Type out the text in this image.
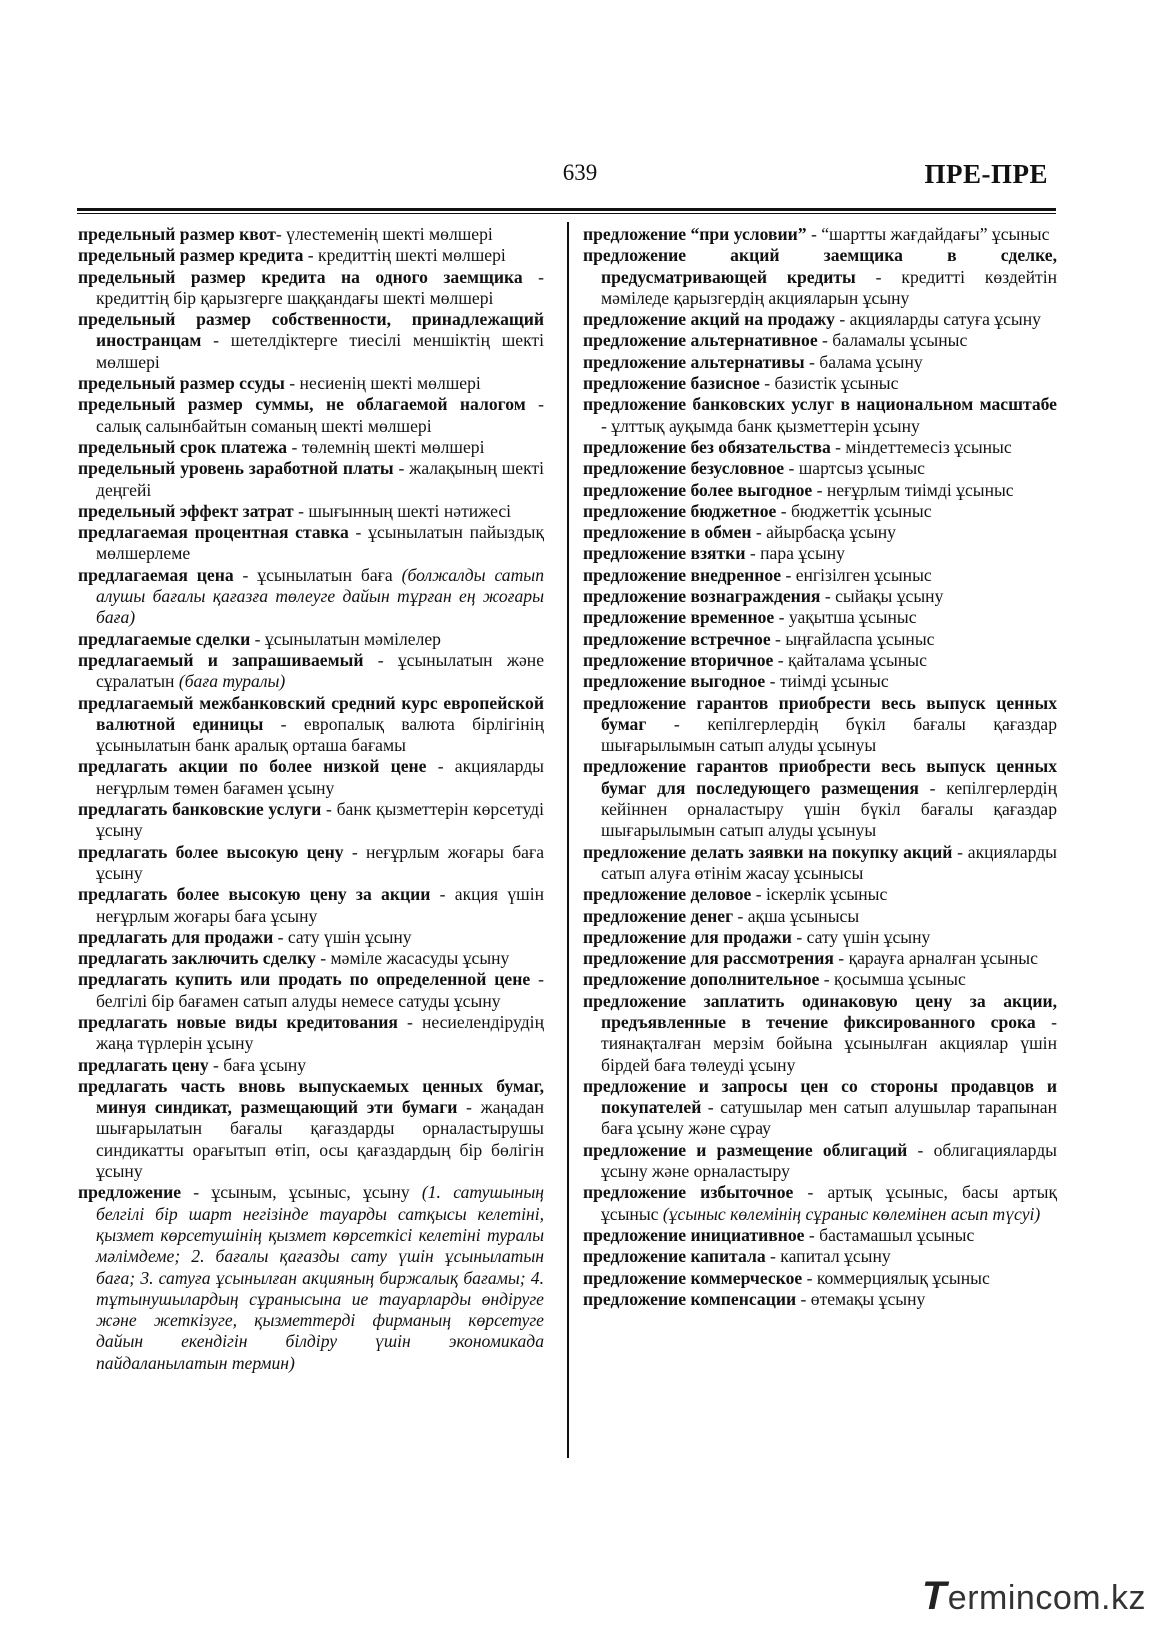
639	ПРЕ-ПРЕ

предельный размер квот- үлестеменің шекті мөлшері

предельный размер кредита - кредиттің шекті мөлшері

предельный размер кредита на одного заемщика - кредиттің бір қарызгерге шаққандағы шекті мөлшері

предельный размер собственности, принадлежащий иностранцам - шетелдіктерге тиесілі меншіктің шекті мөлшері

предельный размер ссуды - несиенің шекті мөлшері

предельный размер суммы, не облагаемой налогом - салық салынбайтын соманың шекті мөлшері

предельный срок платежа - төлемнің шекті мөлшері

предельный уровень заработной платы - жалақының шекті деңгейі

предельный эффект затрат - шығынның шекті нәтижесі

предлагаемая процентная ставка - ұсынылатын пайыздық мөлшерлеме

предлагаемая цена - ұсынылатын баға (болжалды сатып алушы бағалы қағазға төлеуге дайын тұрған ең жоғары баға)

предлагаемые сделки - ұсынылатын мәмілелер

предлагаемый и запрашиваемый - ұсынылатын және сұралатын (баға туралы)

предлагаемый межбанковский средний курс европейской валютной единицы - европалық валюта бірлігінің ұсынылатын банк аралық орташа бағамы

предлагать акции по более низкой цене - акцияларды неғұрлым төмен бағамен ұсыну

предлагать банковские услуги - банк қызметтерін көрсетуді ұсыну

предлагать более высокую цену - неғұрлым жоғары баға ұсыну

предлагать более высокую цену за акции - акция үшін неғұрлым жоғары баға ұсыну

предлагать для продажи - сату үшін ұсыну

предлагать заключить сделку - мәміле жасасуды ұсыну

предлагать купить или продать по определенной цене - белгілі бір бағамен сатып алуды немесе сатуды ұсыну

предлагать новые виды кредитования - несиелендірудің жаңа түрлерін ұсыну

предлагать цену - баға ұсыну

предлагать часть вновь выпускаемых ценных бумаг, минуя синдикат, размещающий эти бумаги - жаңадан шығарылатын бағалы қағаздарды орналастырушы синдикатты орағытып өтіп, осы қағаздардың бір бөлігін ұсыну

предложение - ұсыным, ұсыныс, ұсыну (1. сатушының белгілі бір шарт негізінде тауарды сатқысы келетіні, қызмет көрсетушінің қызмет көрсеткісі келетіні туралы мәлімдеме; 2. бағалы қағазды сату үшін ұсынылатын баға; 3. сатуға ұсынылған акцияның биржалық бағамы; 4. тұтынушылардың сұранысына ие тауарларды өндіруге және жеткізуге, қызметтерді фирманың көрсетуге дайын екендігін білдіру үшін экономикада пайдаланылатын термин)

предложение “при условии” - “шартты жағдайдағы” ұсыныс

предложение акций заемщика в сделке, предусматривающей кредиты - кредитті көздейтін мәміледе қарызгердің акцияларын ұсыну

предложение акций на продажу - акцияларды сатуға ұсыну

предложение альтернативное - баламалы ұсыныс

предложение альтернативы - балама ұсыну

предложение базисное - базистік ұсыныс

предложение банковских услуг в национальном масштабе - ұлттық ауқымда банк қызметтерін ұсыну

предложение без обязательства - міндеттемесіз ұсыныс

предложение безусловное - шартсыз ұсыныс

предложение более выгодное - неғұрлым тиімді ұсыныс

предложение бюджетное - бюджеттік ұсыныс

предложение в обмен - айырбасқа ұсыну

предложение взятки - пара ұсыну

предложение внедренное - енгізілген ұсыныс

предложение вознаграждения - сыйақы ұсыну

предложение временное - уақытша ұсыныс

предложение встречное - ыңғайласпа ұсыныс

предложение вторичное - қайталама ұсыныс

предложение выгодное - тиімді ұсыныс

предложение гарантов приобрести весь выпуск ценных бумаг - кепілгерлердің бүкіл бағалы қағаздар шығарылымын сатып алуды ұсынуы

предложение гарантов приобрести весь выпуск ценных бумаг для последующего размещения - кепілгерлердің кейіннен орналастыру үшін бүкіл бағалы қағаздар шығарылымын сатып алуды ұсынуы

предложение делать заявки на покупку акций - акцияларды сатып алуға өтінім жасау ұсынысы

предложение деловое - іскерлік ұсыныс

предложение денег - ақша ұсынысы

предложение для продажи - сату үшін ұсыну

предложение для рассмотрения - қарауға арналған ұсыныс

предложение дополнительное - қосымша ұсыныс

предложение заплатить одинаковую цену за акции, предъявленные в течение фиксированного срока - тиянақталған мерзім бойына ұсынылған акциялар үшін бірдей баға төлеуді ұсыну

предложение и запросы цен со стороны продавцов и покупателей - сатушылар мен сатып алушылар тарапынан баға ұсыну және сұрау

предложение и размещение облигаций - облигацияларды ұсыну және орналастыру

предложение избыточное - артық ұсыныс, басы артық ұсыныс (ұсыныс көлемінің сұраныс көлемінен асып түсуі)

предложение инициативное - бастамашыл ұсыныс

предложение капитала - капитал ұсыну

предложение коммерческое - коммерциялық ұсыныс

предложение компенсации - өтемақы ұсыну

Termincom.kz
